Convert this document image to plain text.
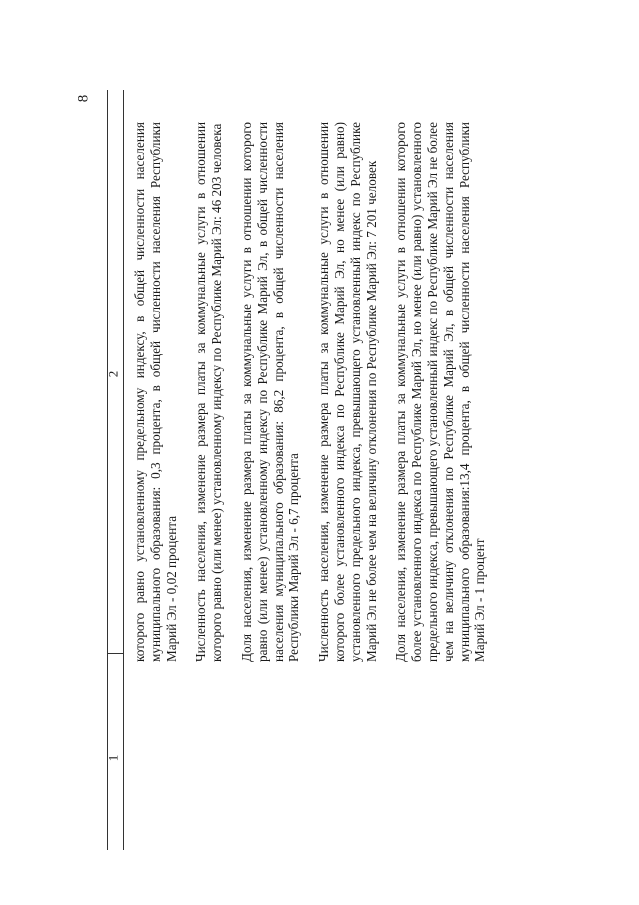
8
1
2 которого равно установленному предельному индексу, в общей численности населения муниципального образования: 0,3 процента, в общей численности населения Республики Марий Эл - 0,02 процента Численность населения, изменение размера платы за коммунальные услуги в отношении которого равно (или менее) установленному индексу по Республике Марий Эл: 46 203 человека Доля населения, изменение размера платы за коммунальные услуги в отношении которого равно (или менее) установленному индексу по Республике Марий Эл, в общей численности населения муниципального образования: 86,2 процента, в общей численности населения Республики Марий Эл - 6,7 процента Численность населения, изменение размера платы за коммунальные услуги в отношении которого более установленного индекса по Республике Марий Эл, но менее (или равно) установленного предельного индекса, превышающего установленный индекс по Республике Марий Эл не более чем на величину отклонения по Республике Марий Эл: 7 201 человек Доля населения, изменение размера платы за коммунальные услуги в отношении которого более установленного индекса по Республике Марий Эл, но менее (или равно) установленного предельного индекса, превышающего установленный индекс по Республике Марий Эл не более чем на величину отклонения по Республике Марий Эл, в общей численности населения муниципального образования:13,4 процента, в общей численности населения Республики Марий Эл - 1 процент
